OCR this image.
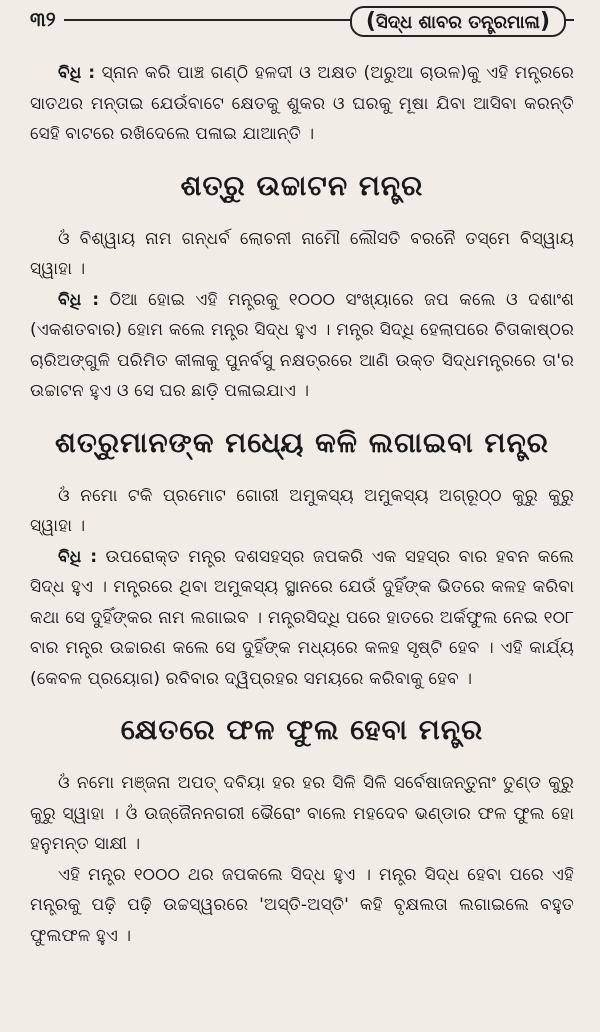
୩୨	(ସିଦ୍ଧ ଶାବର ତନ୍ତ୍ରମାଳା)

ବିଧି : ସ୍ନାନ କରି ପାଞ୍ଚ ଗଣ୍ଠି ହଳଦୀ ଓ ଅକ୍ଷତ (ଅରୁଆ ଚାଉଳ)କୁ ଏହି ମନ୍ତ୍ରରେ ସାତଥର ମନ୍ତାଇ ଯେଉଁବାଟେ କ୍ଷେତକୁ ଶୁକର ଓ ଘରକୁ ମୂଷା ଯିବା ଆସିବା କରନ୍ତି ସେହି ବାଟରେ ରଖିଦେଲେ ପଳାଇ ଯାଆନ୍ତି ।

ଶତ୍ରୁ ଉଚ୍ଚାଟନ ମନ୍ତ୍ର

ଓଁ ବିଶ୍ୱାୟ ନାମ ଗନ୍ଧର୍ବ ଲୋଚନୀ ନାମୌ ଲୌସତି ବରନୈ ତସ୍ମେ ବିସ୍ୱାୟ ସ୍ୱାହା ।

ବିଧି : ଠିଆ ହୋଇ ଏହି ମନ୍ତ୍ରକୁ ୧୦୦୦ ସଂଖ୍ୟାରେ ଜପ କଲେ ଓ ଦଶାଂଶ (ଏକଶତବାର) ହୋମ କଲେ ମନ୍ତ୍ର ସିଦ୍ଧ ହୁଏ । ମନ୍ତ୍ର ସିଦ୍ଧି ହେଲାପରେ ଚିତାକାଷ୍ଠର ଚାରିଅଙ୍ଗୁଳି ପରିମିତ କୀଳାକୁ ପୁନର୍ବସୁ ନକ୍ଷତ୍ରରେ ଆଣି ଉକ୍ତ ସିଦ୍ଧମନ୍ତ୍ରରେ ତା'ର ଉଚ୍ଚାଟନ ହୁଏ ଓ ସେ ଘର ଛାଡ଼ି ପଳାଇଯାଏ ।

ଶତ୍ରୁମାନଙ୍କ ମଧ୍ୟେ କଳି ଲଗାଇବା ମନ୍ତ୍ର

ଓଁ ନମୋ ଟକି ପ୍ରମୋଟ ଗୋରୀ ଅମୁକସ୍ୟ ଅମୁକସ୍ୟ ଅଗ୍ରୂଠ୍ଠ କୁରୁ କୁରୁ ସ୍ୱାହା ।

ବିଧି : ଉପରୋକ୍ତ ମନ୍ତ୍ର ଦଶସହସ୍ର ଜପକରି ଏକ ସହସ୍ର ବାର ହବନ କଲେ ସିଦ୍ଧ ହୁଏ । ମନ୍ତ୍ରରେ ଥିବା ଅମୁକସ୍ୟ ସ୍ଥାନରେ ଯେଉଁ ଦୁହିଁଙ୍କ ଭିତରେ କଳହ କରିବା କଥା ସେ ଦୁହିଁଙ୍କର ନାମ ଲଗାଇବ । ମନ୍ତ୍ରସିଦ୍ଧି ପରେ ହାତରେ ଅର୍କଫୁଲ ନେଇ ୧୦୮ ବାର ମନ୍ତ୍ର ଉଚ୍ଚାରଣ କଲେ ସେ ଦୁହିଁଙ୍କ ମଧ୍ୟରେ କଳହ ସୃଷ୍ଟି ହେବ । ଏହି କାର୍ଯ୍ୟ (କେବଳ ପ୍ରୟୋଗ) ରବିବାର ଦ୍ୱିପ୍ରହର ସମୟରେ କରିବାକୁ ହେବ ।

କ୍ଷେତରେ ଫଳ ଫୁଲ ହେବା ମନ୍ତ୍ର

ଓଁ ନମୋ ମଞ୍ଜନା ଅପତ୍ ଦବିୟା ହର ହର ସିଳି ସିଳି ସର୍ବେଷାଜନ୍ତୁନାଂ ତୁଣ୍ଡ କୁରୁ କୁରୁ ସ୍ୱାହା । ଓଁ ଉଜ୍ଜୈନନଗରୀ ଭୈରୋଂ ବାଲେ ମହଦେବ ଭଣ୍ଡାର ଫଳ ଫୁଲ ହୋ ହନୁମନ୍ତ ସାକ୍ଷୀ ।

ଏହି ମନ୍ତ୍ର ୧୦୦୦ ଥର ଜପକଲେ ସିଦ୍ଧ ହୁଏ । ମନ୍ତ୍ର ସିଦ୍ଧ ହେବା ପରେ ଏହି ମନ୍ତ୍ରକୁ ପଢ଼ି ପଢ଼ି ଉଚ୍ଚସ୍ୱରରେ 'ଅସ୍ତି-ଅସ୍ତି' କହି ବୃକ୍ଷଲତା ଲଗାଇଲେ ବହୁତ ଫୁଲଫଳ ହୁଏ ।
